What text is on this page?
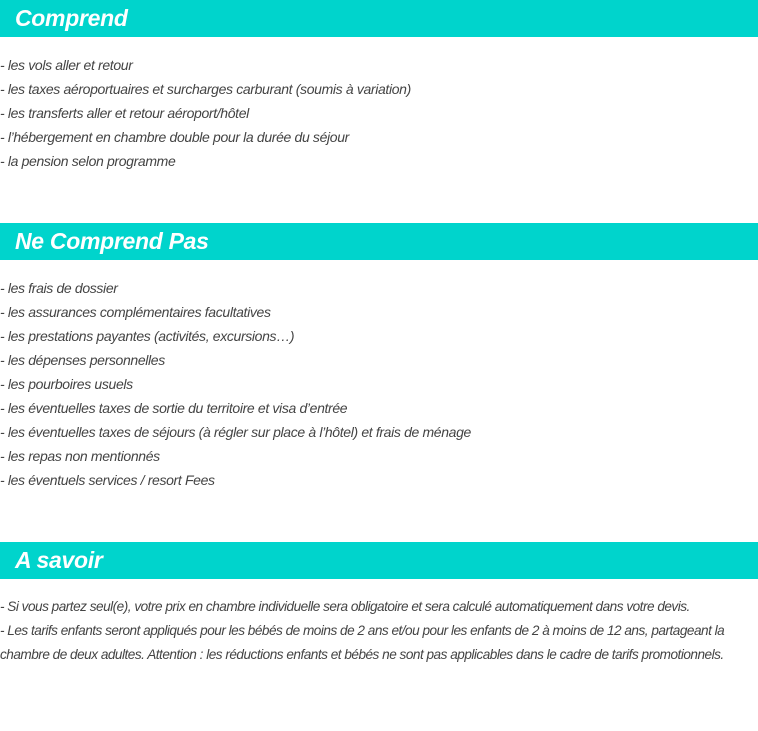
Comprend
- les vols aller et retour
- les taxes aéroportuaires et surcharges carburant (soumis à variation)
- les transferts aller et retour aéroport/hôtel
- l’hébergement en chambre double pour la durée du séjour
- la pension selon programme
Ne Comprend Pas
- les frais de dossier
- les assurances complémentaires facultatives
- les prestations payantes (activités, excursions…)
- les dépenses personnelles
- les pourboires usuels
- les éventuelles taxes de sortie du territoire et visa d’entrée
- les éventuelles taxes de séjours (à régler sur place à l’hôtel) et frais de ménage
- les repas non mentionnés
- les éventuels services / resort Fees
A savoir

- Si vous partez seul(e), votre prix en chambre individuelle sera obligatoire et sera calculé automatiquement dans votre devis.

- Les tarifs enfants seront appliqués pour les bébés de moins de 2 ans et/ou pour les enfants de 2 à moins de 12 ans, partageant la chambre de deux adultes. Attention : les réductions enfants et bébés ne sont pas applicables dans le cadre de tarifs promotionnels.
